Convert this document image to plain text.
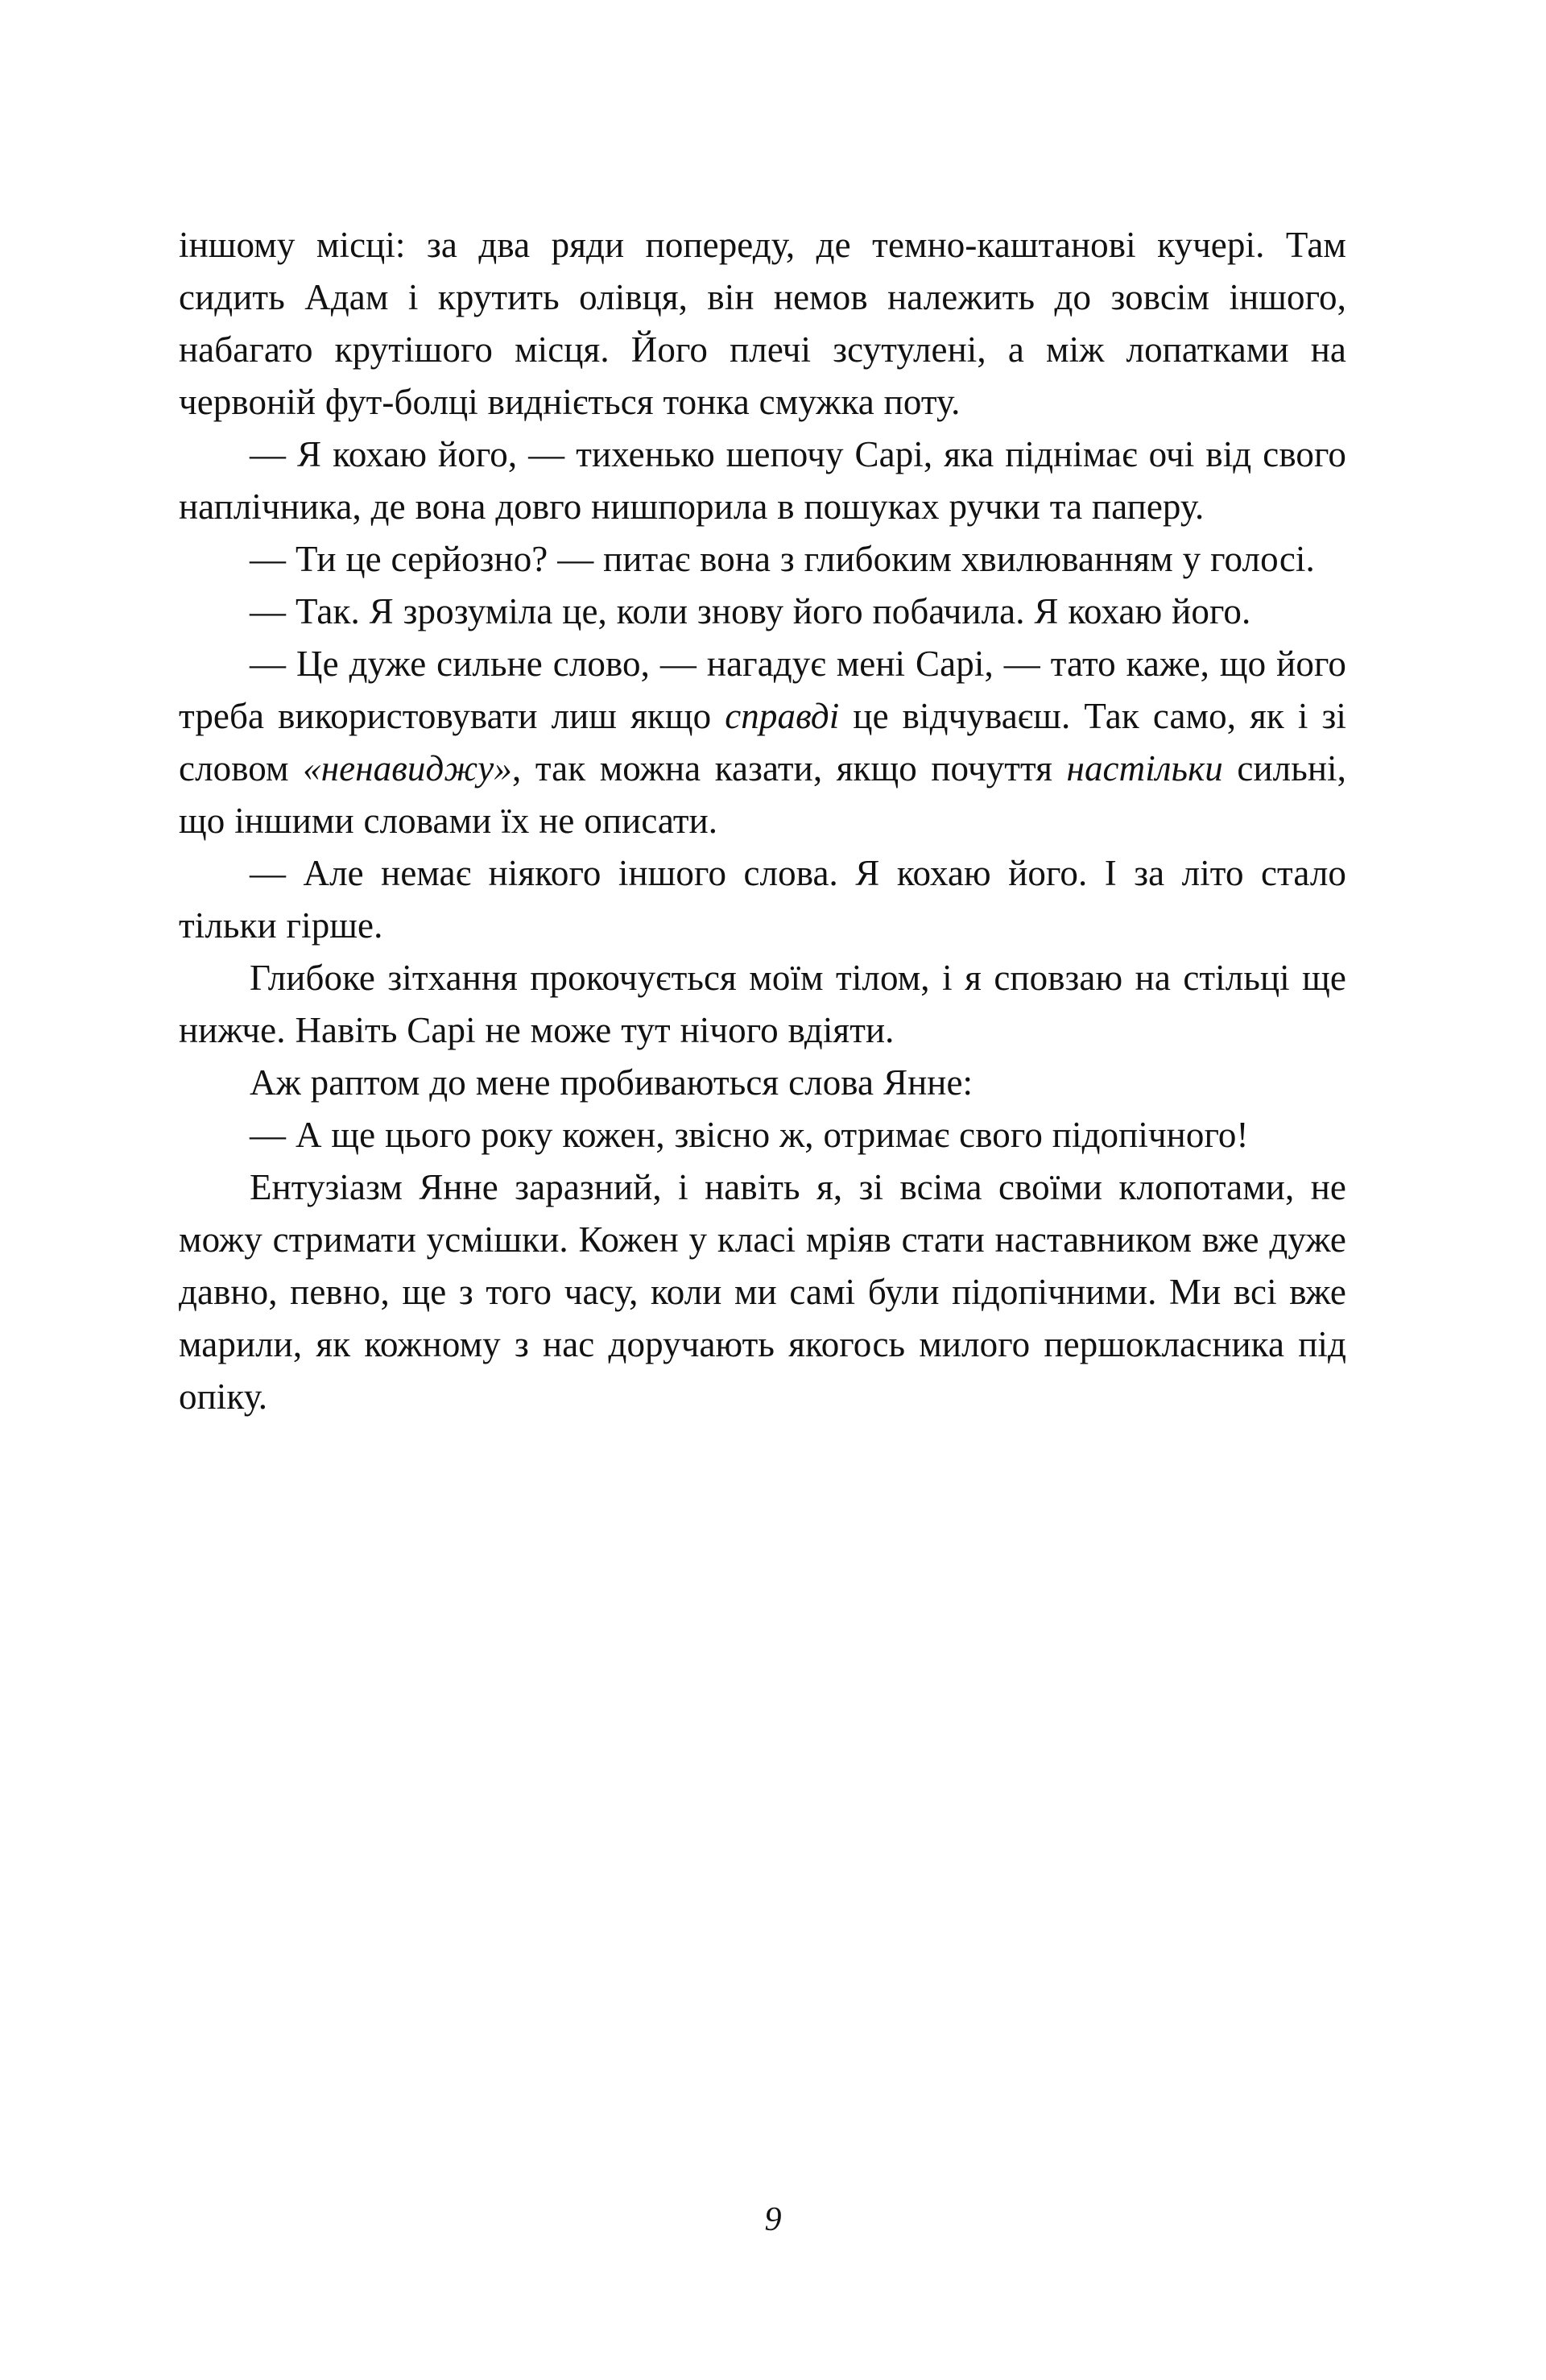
іншому місці: за два ряди попереду, де темно-каштанові кучері. Там сидить Адам і крутить олівця, він немов належить до зовсім іншого, набагато крутішого місця. Його плечі зсутулені, а між лопатками на червоній фут-болці видніється тонка смужка поту.

— Я кохаю його, — тихенько шепочу Сарі, яка піднімає очі від свого наплічника, де вона довго нишпорила в пошуках ручки та паперу.

— Ти це серйозно? — питає вона з глибоким хвилюванням у голосі.

— Так. Я зрозуміла це, коли знову його побачила. Я кохаю його.

— Це дуже сильне слово, — нагадує мені Сарі, — тато каже, що його треба використовувати лиш якщо справді це відчуваєш. Так само, як і зі словом «ненавиджу», так можна казати, якщо почуття настільки сильні, що іншими словами їх не описати.

— Але немає ніякого іншого слова. Я кохаю його. І за літо стало тільки гірше.

Глибоке зітхання прокочується моїм тілом, і я сповзаю на стільці ще нижче. Навіть Сарі не може тут нічого вдіяти.

Аж раптом до мене пробиваються слова Янне:

— А ще цього року кожен, звісно ж, отримає свого підопічного!

Ентузіазм Янне заразний, і навіть я, зі всіма своїми клопотами, не можу стримати усмішки. Кожен у класі мріяв стати наставником вже дуже давно, певно, ще з того часу, коли ми самі були підопічними. Ми всі вже марили, як кожному з нас доручають якогось милого першокласника під опіку.

9
